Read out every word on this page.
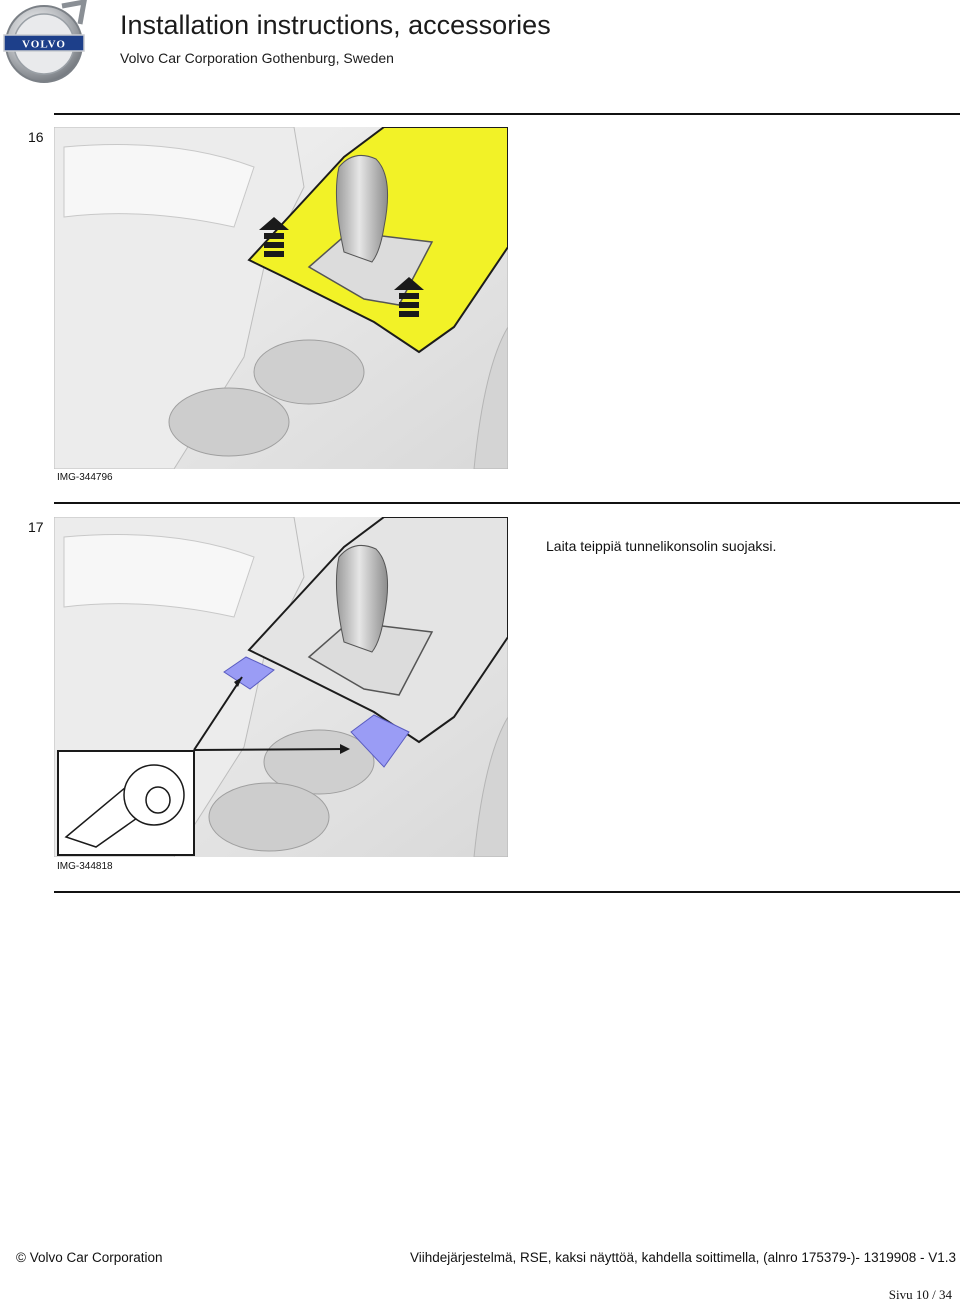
VOLVO
Installation instructions, accessories
Volvo Car Corporation Gothenburg, Sweden
16
IMG-344796
17
IMG-344818
Laita teippiä tunnelikonsolin suojaksi.
© Volvo Car Corporation	Viihdejärjestelmä, RSE, kaksi näyttöä, kahdella soittimella, (alnro 175379-)- 1319908 - V1.3
Sivu 10 / 34
